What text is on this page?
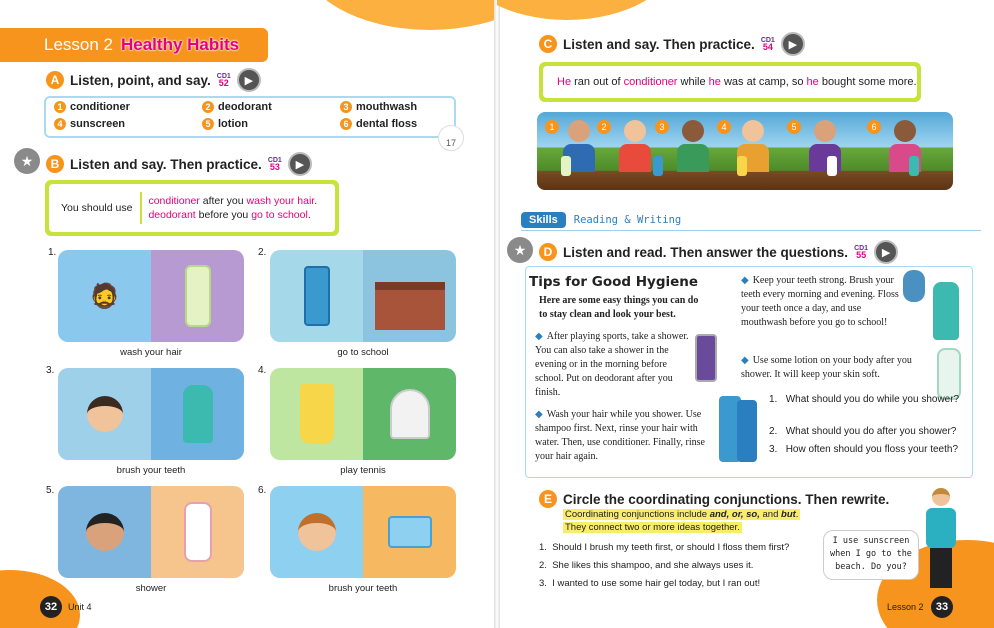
Lesson 2 Healthy Habits
A Listen, point, and say. CD1
52	▶
1 conditioner	2 deodorant	3 mouthwash
4 sunscreen	5 lotion	6 dental floss
17
★	B Listen and say. Then practice. CD1
53	▶
You should use
conditioner after you wash your hair.
deodorant before you go to school.
1.
🧔
wash your hair
2.
go to school
3.
brush your teeth
4.
play tennis
5.
shower
6.
brush your teeth
32	Unit 4
C Listen and say. Then practice. CD1
54	▶
He ran out of conditioner while he was at camp, so he bought some more.
1	2	3	4	5	6
Skills	Reading & Writing
★	D Listen and read. Then answer the questions. CD1
55	▶
Tips for Good Hygiene
Here are some easy things you can do to stay clean and look your best.
◆ After playing sports, take a shower. You can also take a shower in the evening or in the morning before school. Put on deodorant after you finish.
◆ Wash your hair while you shower. Use shampoo first. Next, rinse your hair with water. Then, use conditioner. Finally, rinse your hair again.
◆ Keep your teeth strong. Brush your teeth every morning and evening. Floss your teeth once a day, and use mouthwash before you go to school!
◆ Use some lotion on your body after you shower. It will keep your skin soft.
1.   What should you do while you shower?
2.   What should you do after you shower?
3.   How often should you floss your teeth?
E Circle the coordinating conjunctions. Then rewrite.
Coordinating conjunctions include and, or, so, and but.
They connect two or more ideas together.
1.  Should I brush my teeth first, or should I floss them first?
2.  She likes this shampoo, and she always uses it.
3.  I wanted to use some hair gel today, but I ran out!
I use sunscreen
when I go to the
beach. Do you?
Lesson 2	33
